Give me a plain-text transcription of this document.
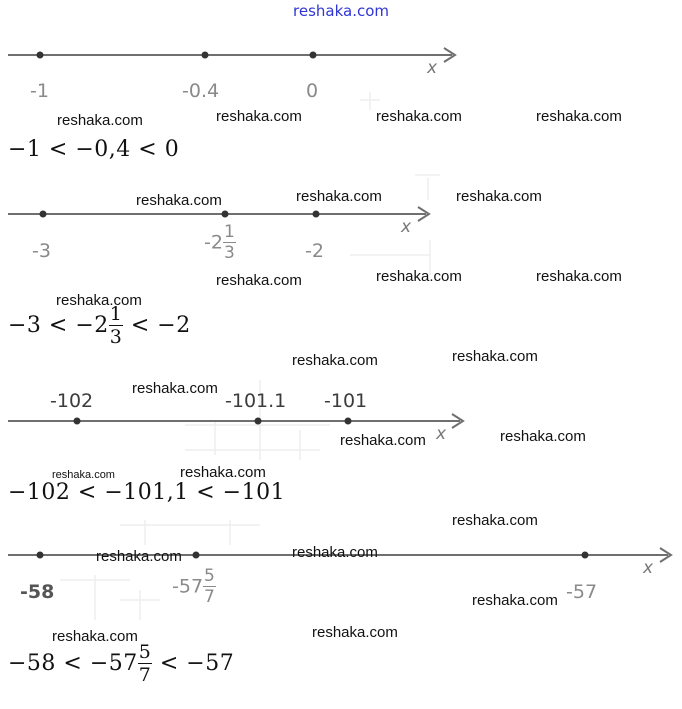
reshaka.com
x
x
x
x
-1	-0.4	0
-3	$-2 \frac{1}{3}$	-2
-102	-101.1 -101
-58	$-57 \frac{5}{7}$	-57
−1 < −0,4 < 0
$-3 < -2 \frac{1}{3} < -2$
−102 < −101,1 < −101
$-58 < -57 \frac{5}{7} < -57$
reshaka.com	reshaka.com	reshaka.com	reshaka.com
reshaka.com	reshaka.com	reshaka.com
reshaka.com	reshaka.com	reshaka.com
reshaka.com
reshaka.com	reshaka.com
reshaka.com
reshaka.com	reshaka.com
reshaka.com	reshaka.com
reshaka.com
reshaka.com	reshaka.com
reshaka.com
reshaka.com	reshaka.com
